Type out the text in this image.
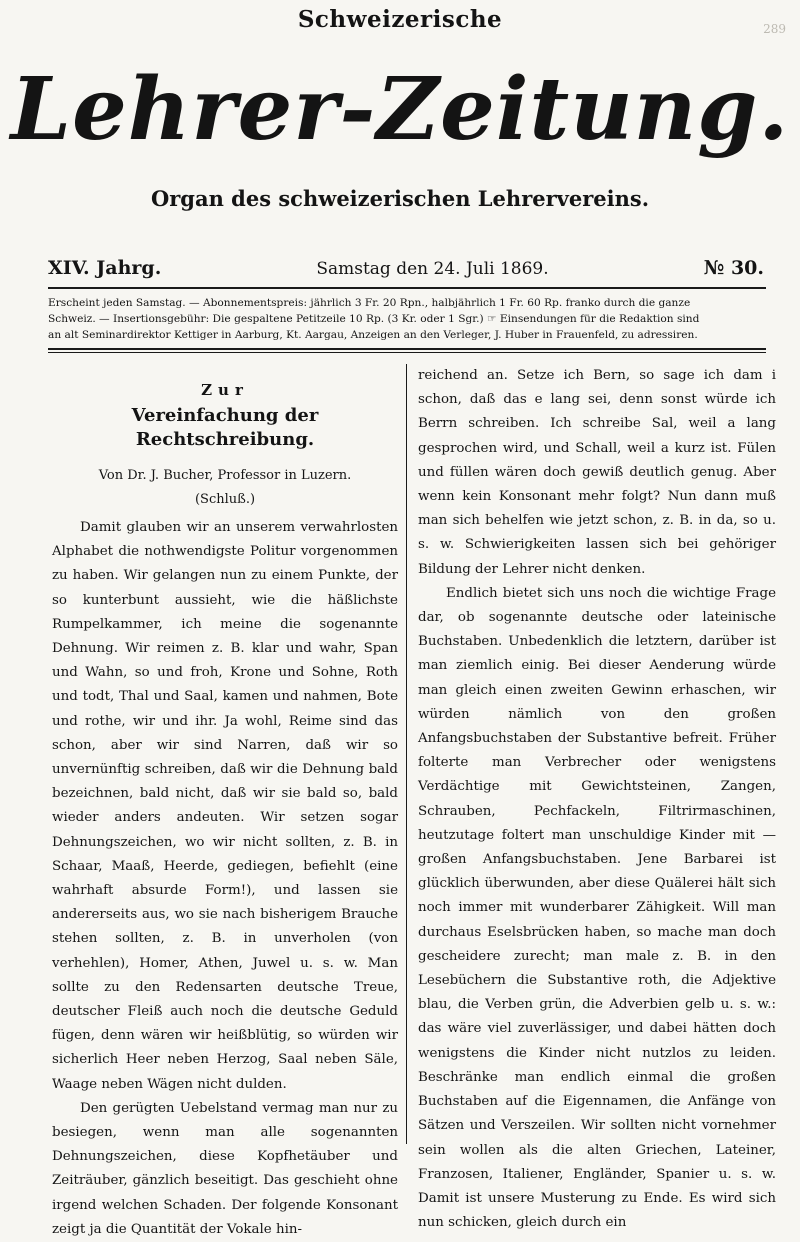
289
Schweizerische
Lehrer-Zeitung.
Organ des schweizerischen Lehrervereins.
XIV. Jahrg.	Samstag den 24. Juli 1869.	№ 30.

Erscheint jeden Samstag. — Abonnementspreis: jährlich 3 Fr. 20 Rpn., halbjährlich 1 Fr. 60 Rp. franko durch die ganze

Schweiz. — Insertionsgebühr: Die gespaltene Petitzeile 10 Rp. (3 Kr. oder 1 Sgr.) ☞ Einsendungen für die Redaktion sind

an alt Seminardirektor Kettiger in Aarburg, Kt. Aargau, Anzeigen an den Verleger, J. Huber in Frauenfeld, zu adressiren.

Zur
Vereinfachung der Rechtschreibung.
Von Dr. J. Bucher, Professor in Luzern.
(Schluß.)

Damit glauben wir an unserem verwahrlosten Alphabet die nothwendigste Politur vorgenommen zu haben. Wir gelangen nun zu einem Punkte, der so kunterbunt aussieht, wie die häßlichste Rumpelkammer, ich meine die sogenannte Dehnung. Wir reimen z. B. klar und wahr, Span und Wahn, so und froh, Krone und Sohne, Roth und todt, Thal und Saal, kamen und nahmen, Bote und rothe, wir und ihr. Ja wohl, Reime sind das schon, aber wir sind Narren, daß wir so unvernünftig schreiben, daß wir die Dehnung bald bezeichnen, bald nicht, daß wir sie bald so, bald wieder anders andeuten. Wir setzen sogar Dehnungszeichen, wo wir nicht sollten, z. B. in Schaar, Maaß, Heerde, gediegen, befiehlt (eine wahrhaft absurde Form!), und lassen sie andererseits aus, wo sie nach bisherigem Brauche stehen sollten, z. B. in unverholen (von verhehlen), Homer, Athen, Juwel u. s. w. Man sollte zu den Redensarten deutsche Treue, deutscher Fleiß auch noch die deutsche Geduld fügen, denn wären wir heißblütig, so würden wir sicherlich Heer neben Herzog, Saal neben Säle, Waage neben Wägen nicht dulden.

Den gerügten Uebelstand vermag man nur zu besiegen, wenn man alle sogenannten Dehnungszeichen, diese Kopfhetäuber und Zeiträuber, gänzlich beseitigt. Das geschieht ohne irgend welchen Schaden. Der folgende Konsonant zeigt ja die Quantität der Vokale hin-

reichend an. Setze ich Bern, so sage ich dam i schon, daß das e lang sei, denn sonst würde ich Berrn schreiben. Ich schreibe Sal, weil a lang gesprochen wird, und Schall, weil a kurz ist. Fülen und füllen wären doch gewiß deutlich genug. Aber wenn kein Konsonant mehr folgt? Nun dann muß man sich behelfen wie jetzt schon, z. B. in da, so u. s. w. Schwierigkeiten lassen sich bei gehöriger Bildung der Lehrer nicht denken.

Endlich bietet sich uns noch die wichtige Frage dar, ob sogenannte deutsche oder lateinische Buchstaben. Unbedenklich die letztern, darüber ist man ziemlich einig. Bei dieser Aenderung würde man gleich einen zweiten Gewinn erhaschen, wir würden nämlich von den großen Anfangsbuchstaben der Substantive befreit. Früher folterte man Verbrecher oder wenigstens Verdächtige mit Gewichtsteinen, Zangen, Schrauben, Pechfackeln, Filtrirmaschinen, heutzutage foltert man unschuldige Kinder mit — großen Anfangsbuchstaben. Jene Barbarei ist glücklich überwunden, aber diese Quälerei hält sich noch immer mit wunderbarer Zähigkeit. Will man durchaus Eselsbrücken haben, so mache man doch gescheidere zurecht; man male z. B. in den Lesebüchern die Substantive roth, die Adjektive blau, die Verben grün, die Adverbien gelb u. s. w.: das wäre viel zuverlässiger, und dabei hätten doch wenigstens die Kinder nicht nutzlos zu leiden. Beschränke man endlich einmal die großen Buchstaben auf die Eigennamen, die Anfänge von Sätzen und Verszeilen. Wir sollten nicht vornehmer sein wollen als die alten Griechen, Lateiner, Franzosen, Italiener, Engländer, Spanier u. s. w. Damit ist unsere Musterung zu Ende. Es wird sich nun schicken, gleich durch ein
